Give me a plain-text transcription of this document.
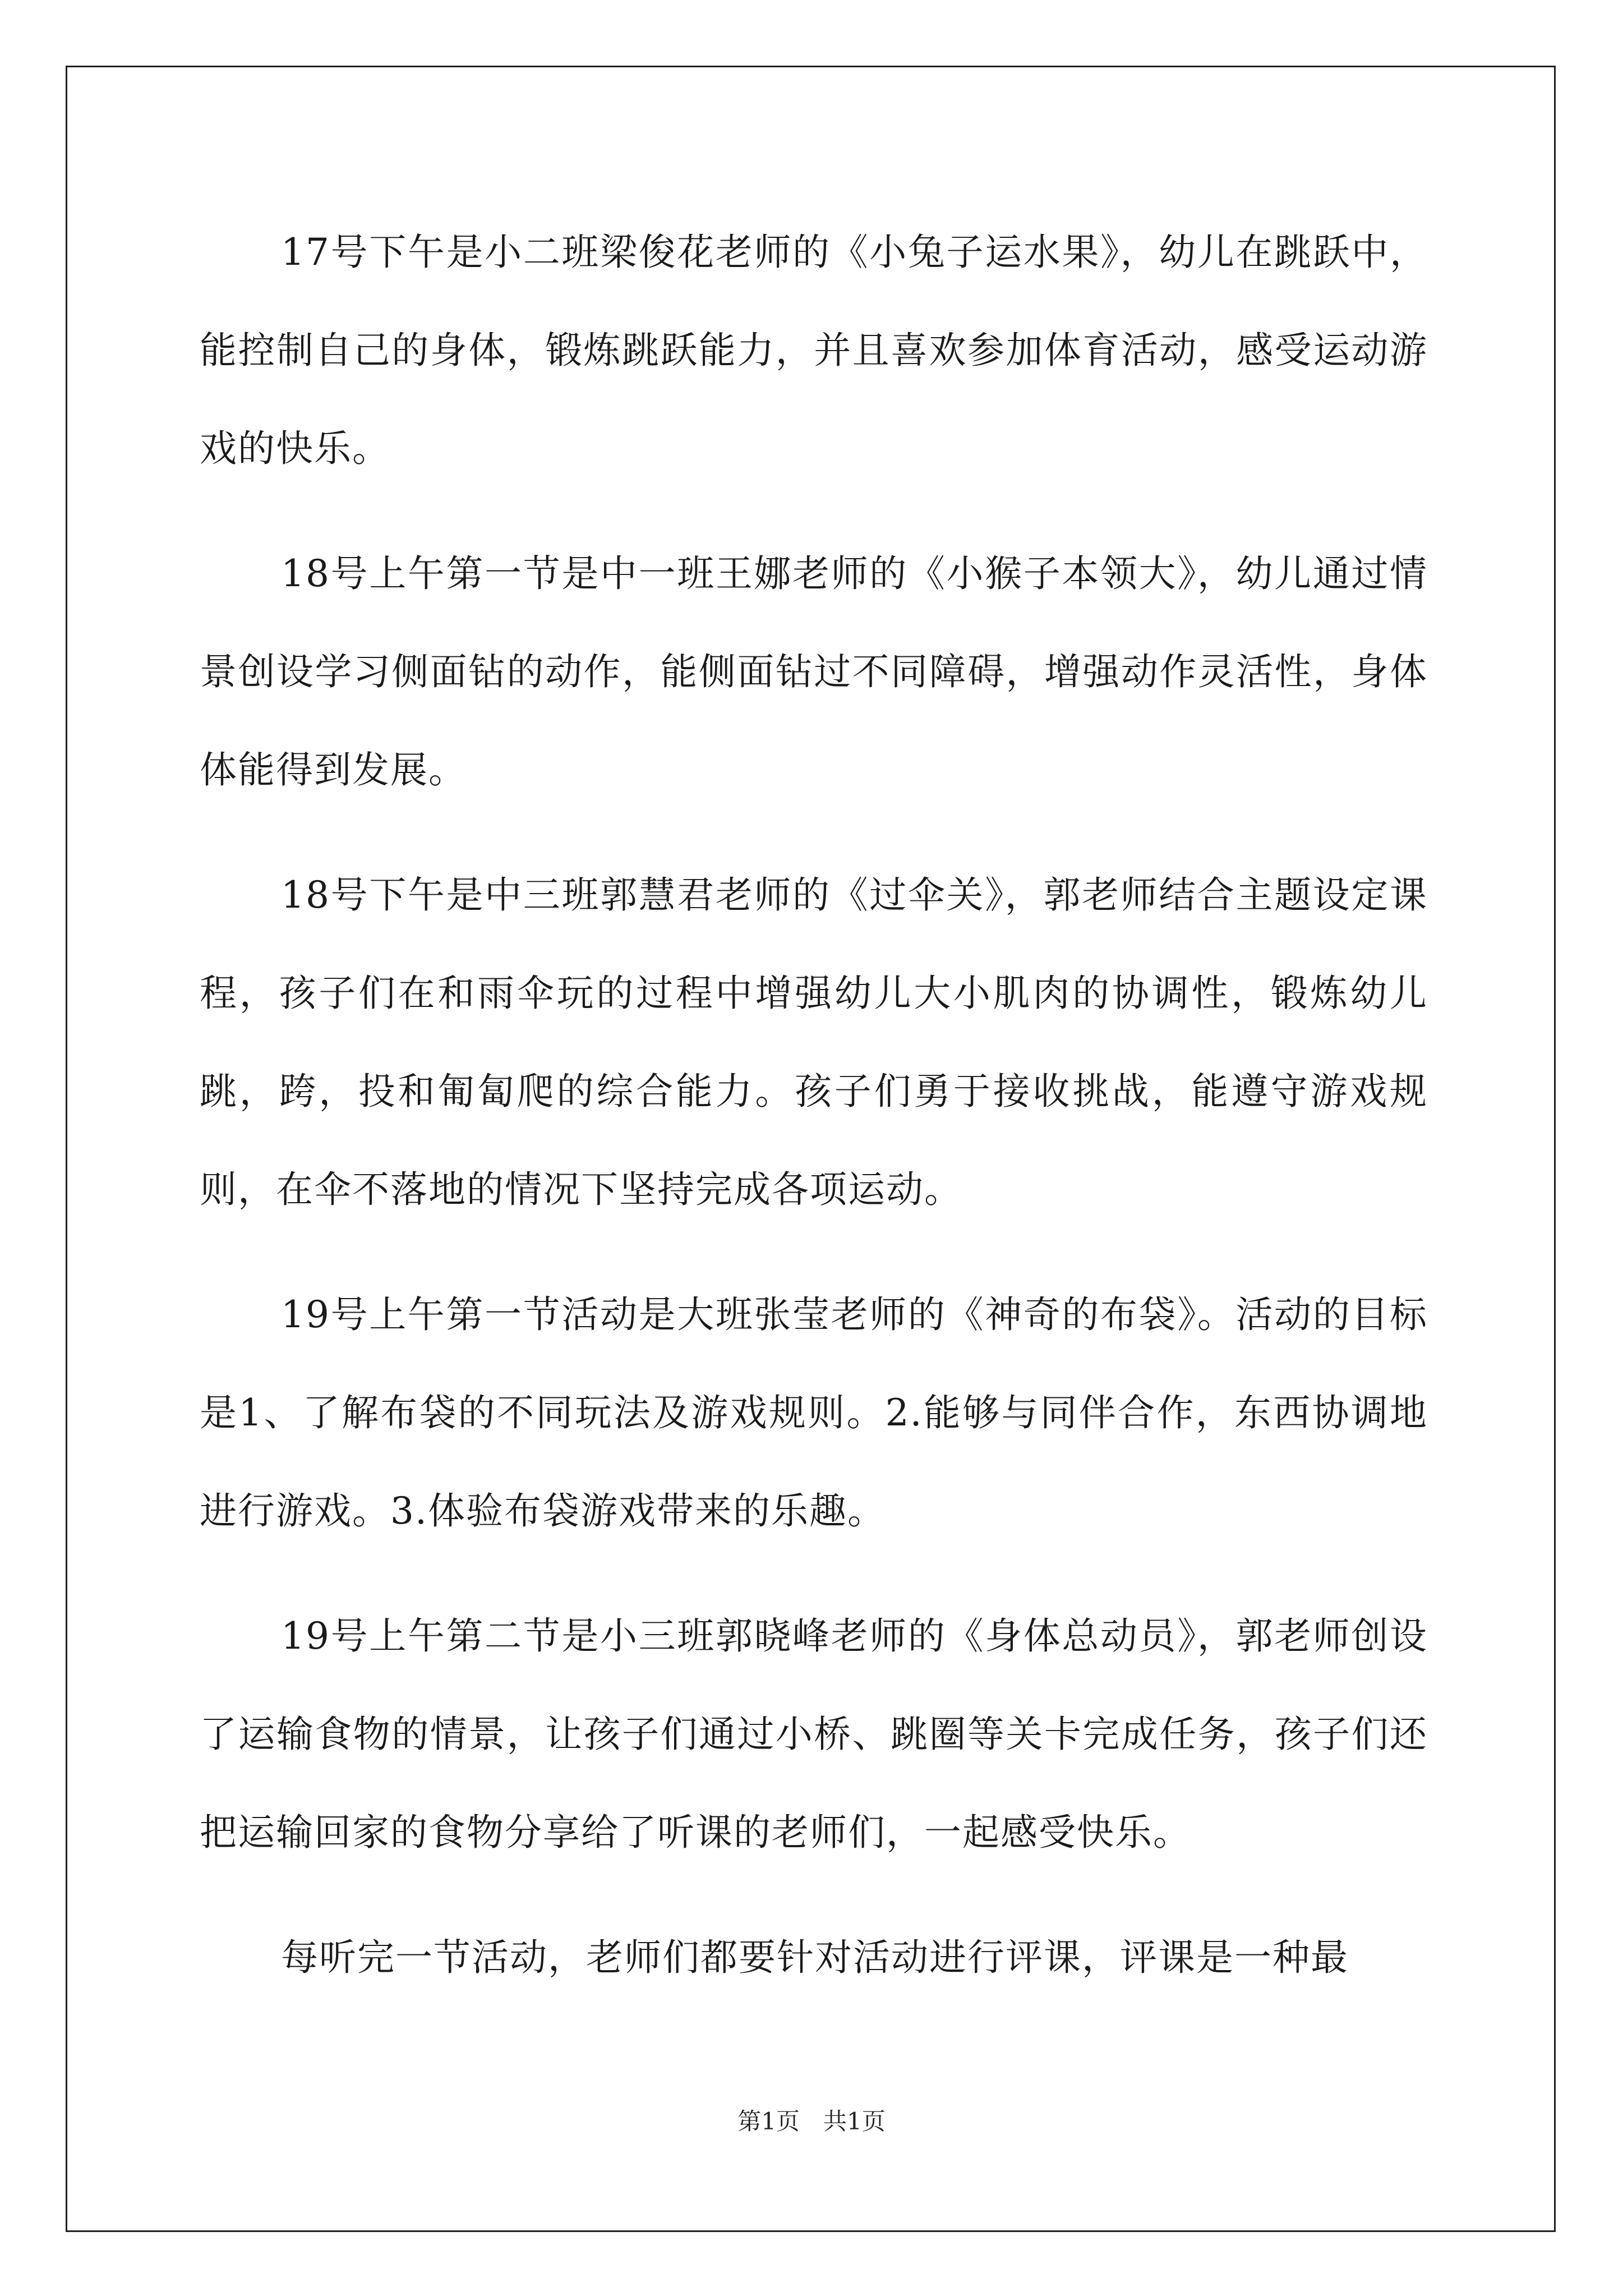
17号下午是小二班梁俊花老师的《小兔子运水果》，幼儿在跳跃中，能控制自己的身体，锻炼跳跃能力，并且喜欢参加体育活动，感受运动游戏的快乐。

18号上午第一节是中一班王娜老师的《小猴子本领大》，幼儿通过情景创设学习侧面钻的动作，能侧面钻过不同障碍，增强动作灵活性，身体体能得到发展。

18号下午是中三班郭慧君老师的《过伞关》，郭老师结合主题设定课程，孩子们在和雨伞玩的过程中增强幼儿大小肌肉的协调性，锻炼幼儿跳，跨，投和匍匐爬的综合能力。孩子们勇于接收挑战，能遵守游戏规则，在伞不落地的情况下坚持完成各项运动。

19号上午第一节活动是大班张莹老师的《神奇的布袋》。活动的目标是1、了解布袋的不同玩法及游戏规则。2.能够与同伴合作，东西协调地进行游戏。3.体验布袋游戏带来的乐趣。

19号上午第二节是小三班郭晓峰老师的《身体总动员》，郭老师创设了运输食物的情景，让孩子们通过小桥、跳圈等关卡完成任务，孩子们还把运输回家的食物分享给了听课的老师们，一起感受快乐。

每听完一节活动，老师们都要针对活动进行评课，评课是一种最

第1页　共1页
